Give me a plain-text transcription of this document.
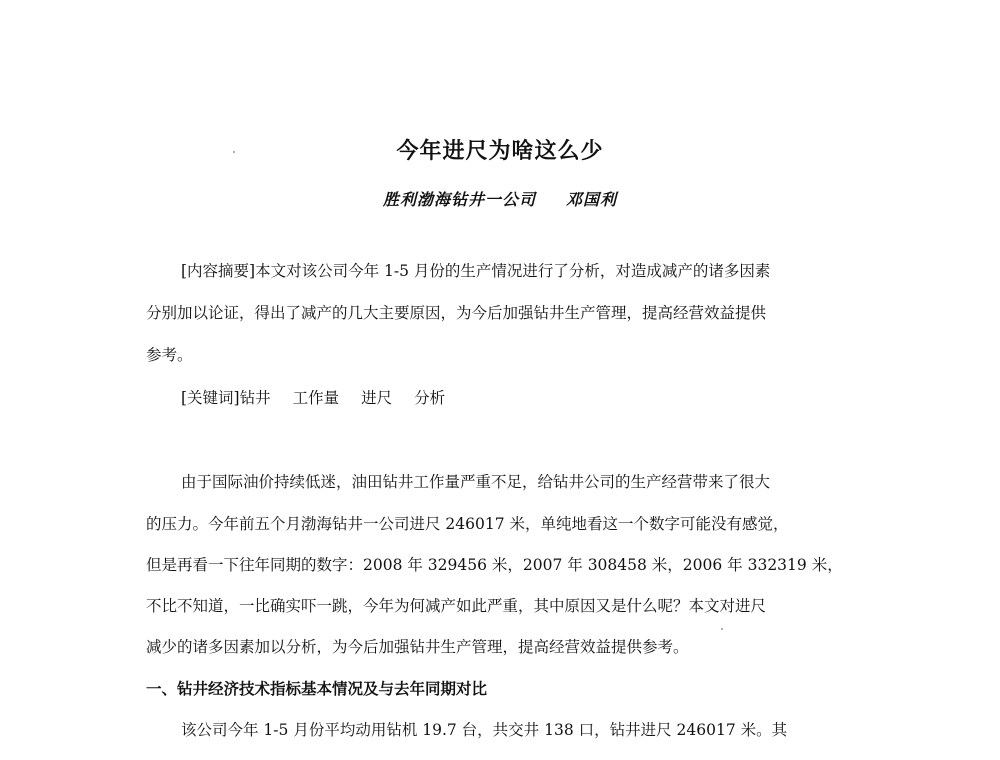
今年进尺为啥这么少
胜利渤海钻井一公司 邓国利
[内容摘要]本文对该公司今年 1-5 月份的生产情况进行了分析，对造成减产的诸多因素
分别加以论证，得出了减产的几大主要原因，为今后加强钻井生产管理，提高经营效益提供
参考。
[关键词]钻井 工作量 进尺 分析
由于国际油价持续低迷，油田钻井工作量严重不足，给钻井公司的生产经营带来了很大
的压力。今年前五个月渤海钻井一公司进尺 246017 米，单纯地看这一个数字可能没有感觉，
但是再看一下往年同期的数字：2008 年 329456 米，2007 年 308458 米，2006 年 332319 米，
不比不知道，一比确实吓一跳，今年为何减产如此严重，其中原因又是什么呢？本文对进尺
减少的诸多因素加以分析，为今后加强钻井生产管理，提高经营效益提供参考。
一、钻井经济技术指标基本情况及与去年同期对比
该公司今年 1-5 月份平均动用钻机 19.7 台，共交井 138 口，钻井进尺 246017 米。其
